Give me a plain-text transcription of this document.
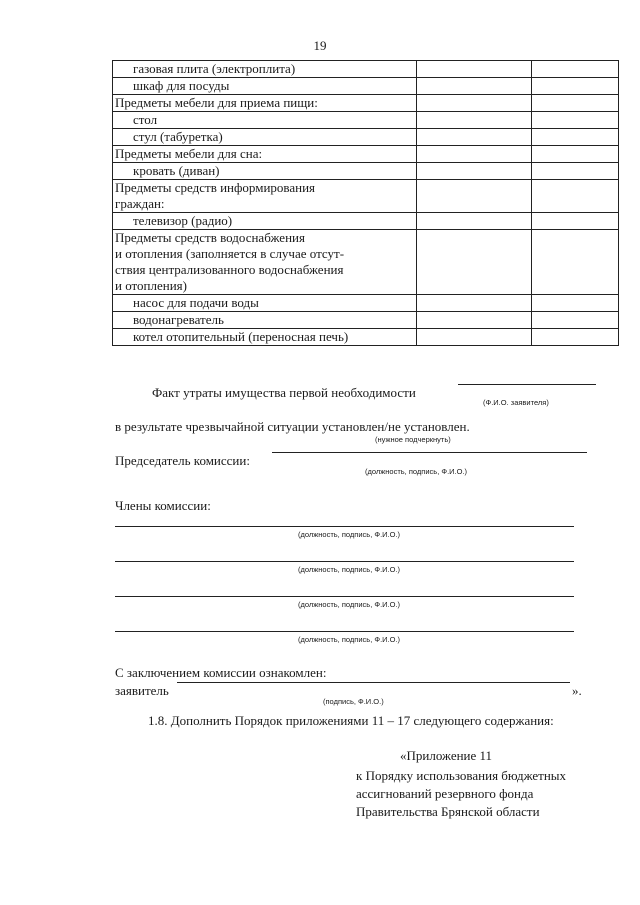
19
газовая плита (электроплита)		
шкаф для посуды		
Предметы мебели для приема пищи:		
стол		
стул (табуретка)		
Предметы мебели для сна:		
кровать (диван)		
Предметы средств информирования
граждан:		
телевизор (радио)		
Предметы средств водоснабжения
и отопления (заполняется в случае отсут-
ствия централизованного водоснабжения
и отопления)		
насос для подачи воды		
водонагреватель		
котел отопительный (переносная печь)		
Факт утраты имущества первой необходимости
(Ф.И.О. заявителя)
в результате чрезвычайной ситуации установлен/не установлен.
(нужное подчеркнуть)
Председатель комиссии:
(должность, подпись, Ф.И.О.)
Члены комиссии:
(должность, подпись, Ф.И.О.)
(должность, подпись, Ф.И.О.)
(должность, подпись, Ф.И.О.)
(должность, подпись, Ф.И.О.)
С заключением комиссии ознакомлен:
заявитель	».
(подпись, Ф.И.О.)
1.8. Дополнить Порядок приложениями 11 – 17 следующего содержания:
«Приложение 11
к Порядку использования бюджетных
ассигнований резервного фонда
Правительства Брянской области
